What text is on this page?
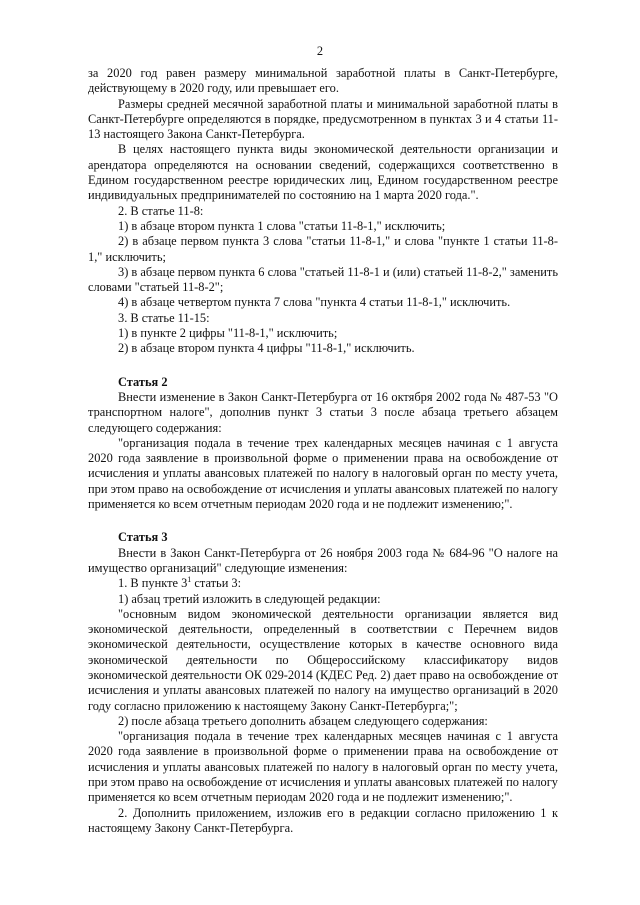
2

за 2020 год равен размеру минимальной заработной платы в Санкт-Петербурге, действующему в 2020 году, или превышает его.

Размеры средней месячной заработной платы и минимальной заработной платы в Санкт-Петербурге определяются в порядке, предусмотренном в пунктах 3 и 4 статьи 11-13 настоящего Закона Санкт-Петербурга.

В целях настоящего пункта виды экономической деятельности организации и арендатора определяются на основании сведений, содержащихся соответственно в Едином государственном реестре юридических лиц, Едином государственном реестре индивидуальных предпринимателей по состоянию на 1 марта 2020 года.".

2. В статье 11-8:

1) в абзаце втором пункта 1 слова "статьи 11-8-1," исключить;

2) в абзаце первом пункта 3 слова "статьи 11-8-1," и слова "пункте 1 статьи 11-8-1," исключить;

3) в абзаце первом пункта 6 слова "статьей 11-8-1 и (или) статьей 11-8-2," заменить словами "статьей 11-8-2";

4) в абзаце четвертом пункта 7 слова "пункта 4 статьи 11-8-1," исключить.

3. В статье 11-15:

1) в пункте 2 цифры "11-8-1," исключить;

2) в абзаце втором пункта 4 цифры "11-8-1," исключить.

Статья 2

Внести изменение в Закон Санкт-Петербурга от 16 октября 2002 года № 487-53 "О транспортном налоге", дополнив пункт 3 статьи 3 после абзаца третьего абзацем следующего содержания:

"организация подала в течение трех календарных месяцев начиная с 1 августа 2020 года заявление в произвольной форме о применении права на освобождение от исчисления и уплаты авансовых платежей по налогу в налоговый орган по месту учета, при этом право на освобождение от исчисления и уплаты авансовых платежей по налогу применяется ко всем отчетным периодам 2020 года и не подлежит изменению;".

Статья 3

Внести в Закон Санкт-Петербурга от 26 ноября 2003 года № 684-96 "О налоге на имущество организаций" следующие изменения:

1. В пункте $3^1$ статьи 3:

1) абзац третий изложить в следующей редакции:

"основным видом экономической деятельности организации является вид экономической деятельности, определенный в соответствии с Перечнем видов экономической деятельности, осуществление которых в качестве основного вида экономической деятельности по Общероссийскому классификатору видов экономической деятельности ОК 029-2014 (КДЕС Ред. 2) дает право на освобождение от исчисления и уплаты авансовых платежей по налогу на имущество организаций в 2020 году согласно приложению к настоящему Закону Санкт-Петербурга;";

2) после абзаца третьего дополнить абзацем следующего содержания:

"организация подала в течение трех календарных месяцев начиная с 1 августа 2020 года заявление в произвольной форме о применении права на освобождение от исчисления и уплаты авансовых платежей по налогу в налоговый орган по месту учета, при этом право на освобождение от исчисления и уплаты авансовых платежей по налогу применяется ко всем отчетным периодам 2020 года и не подлежит изменению;".

2. Дополнить приложением, изложив его в редакции согласно приложению 1 к настоящему Закону Санкт-Петербурга.
